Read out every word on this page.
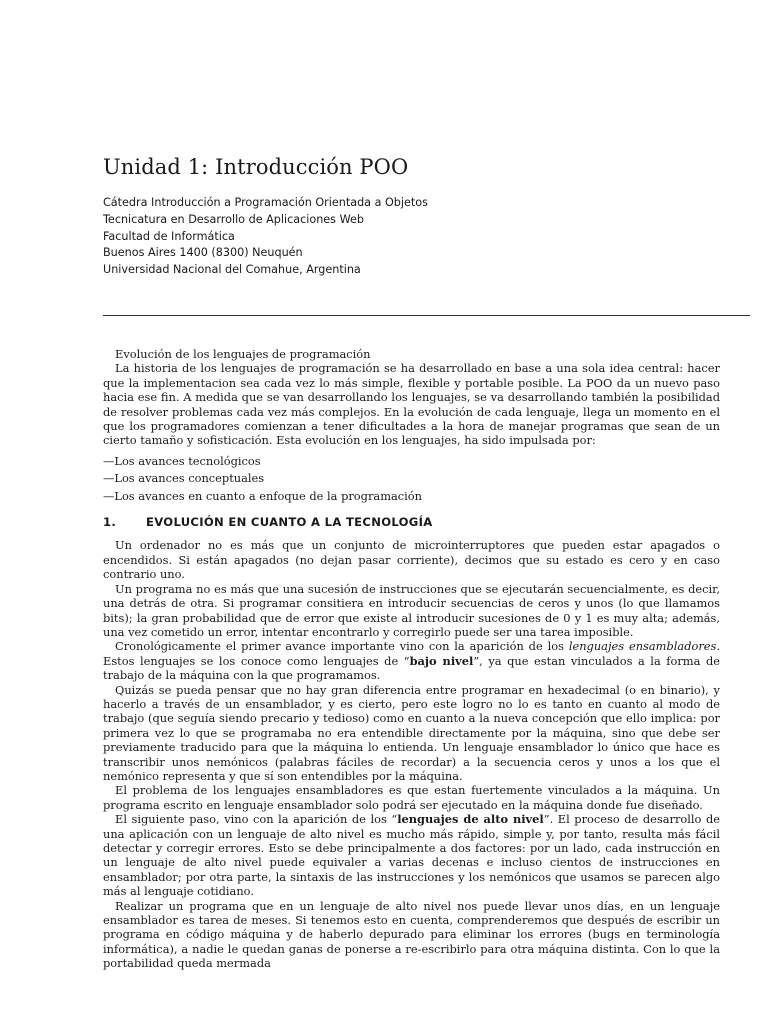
Unidad 1: Introducción POO
Cátedra Introducción a Programación Orientada a Objetos
Tecnicatura en Desarrollo de Aplicaciones Web
Facultad de Informática
Buenos Aires 1400 (8300) Neuquén
Universidad Nacional del Comahue, Argentina

Evolución de los lenguajes de programación

La historia de los lenguajes de programación se ha desarrollado en base a una sola idea central: hacer que la implementacion sea cada vez lo más simple, flexible y portable posible. La POO da un nuevo paso hacia ese fin. A medida que se van desarrollando los lenguajes, se va desarrollando también la posibilidad de resolver problemas cada vez más complejos. En la evolución de cada lenguaje, llega un momento en el que los programadores comienzan a tener dificultades a la hora de manejar programas que sean de un cierto tamaño y sofisticación. Esta evolución en los lenguajes, ha sido impulsada por:

—Los avances tecnológicos
—Los avances conceptuales
—Los avances en cuanto a enfoque de la programación
1.	EVOLUCIÓN EN CUANTO A LA TECNOLOGÍA

Un ordenador no es más que un conjunto de microinterruptores que pueden estar apagados o encendidos. Si están apagados (no dejan pasar corriente), decimos que su estado es cero y en caso contrario uno.

Un programa no es más que una sucesión de instrucciones que se ejecutarán secuencialmente, es decir, una detrás de otra. Si programar consitiera en introducir secuencias de ceros y unos (lo que llamamos bits); la gran probabilidad que de error que existe al introducir sucesiones de 0 y 1 es muy alta; además, una vez cometido un error, intentar encontrarlo y corregirlo puede ser una tarea imposible.

Cronológicamente el primer avance importante vino con la aparición de los lenguajes ensambladores. Estos lenguajes se los conoce como lenguajes de “bajo nivel”, ya que estan vinculados a la forma de trabajo de la máquina con la que programamos.

Quizás se pueda pensar que no hay gran diferencia entre programar en hexadecimal (o en binario), y hacerlo a través de un ensamblador, y es cierto, pero este logro no lo es tanto en cuanto al modo de trabajo (que seguía siendo precario y tedioso) como en cuanto a la nueva concepción que ello implica: por primera vez lo que se programaba no era entendible directamente por la máquina, sino que debe ser previamente traducido para que la máquina lo entienda. Un lenguaje ensamblador lo único que hace es transcribir unos nemónicos (palabras fáciles de recordar) a la secuencia ceros y unos a los que el nemónico representa y que sí son entendibles por la máquina.

El problema de los lenguajes ensambladores es que estan fuertemente vinculados a la máquina. Un programa escrito en lenguaje ensamblador solo podrá ser ejecutado en la máquina donde fue diseñado.

El siguiente paso, vino con la aparición de los “lenguajes de alto nivel”. El proceso de desarrollo de una aplicación con un lenguaje de alto nivel es mucho más rápido, simple y, por tanto, resulta más fácil detectar y corregir errores. Esto se debe principalmente a dos factores: por un lado, cada instrucción en un lenguaje de alto nivel puede equivaler a varias decenas e incluso cientos de instrucciones en ensamblador; por otra parte, la sintaxis de las instrucciones y los nemónicos que usamos se parecen algo más al lenguaje cotidiano.

Realizar un programa que en un lenguaje de alto nivel nos puede llevar unos días, en un lenguaje ensamblador es tarea de meses. Si tenemos esto en cuenta, comprenderemos que después de escribir un programa en código máquina y de haberlo depurado para eliminar los errores (bugs en terminología informática), a nadie le quedan ganas de ponerse a re-escribirlo para otra máquina distinta. Con lo que la portabilidad queda mermada
